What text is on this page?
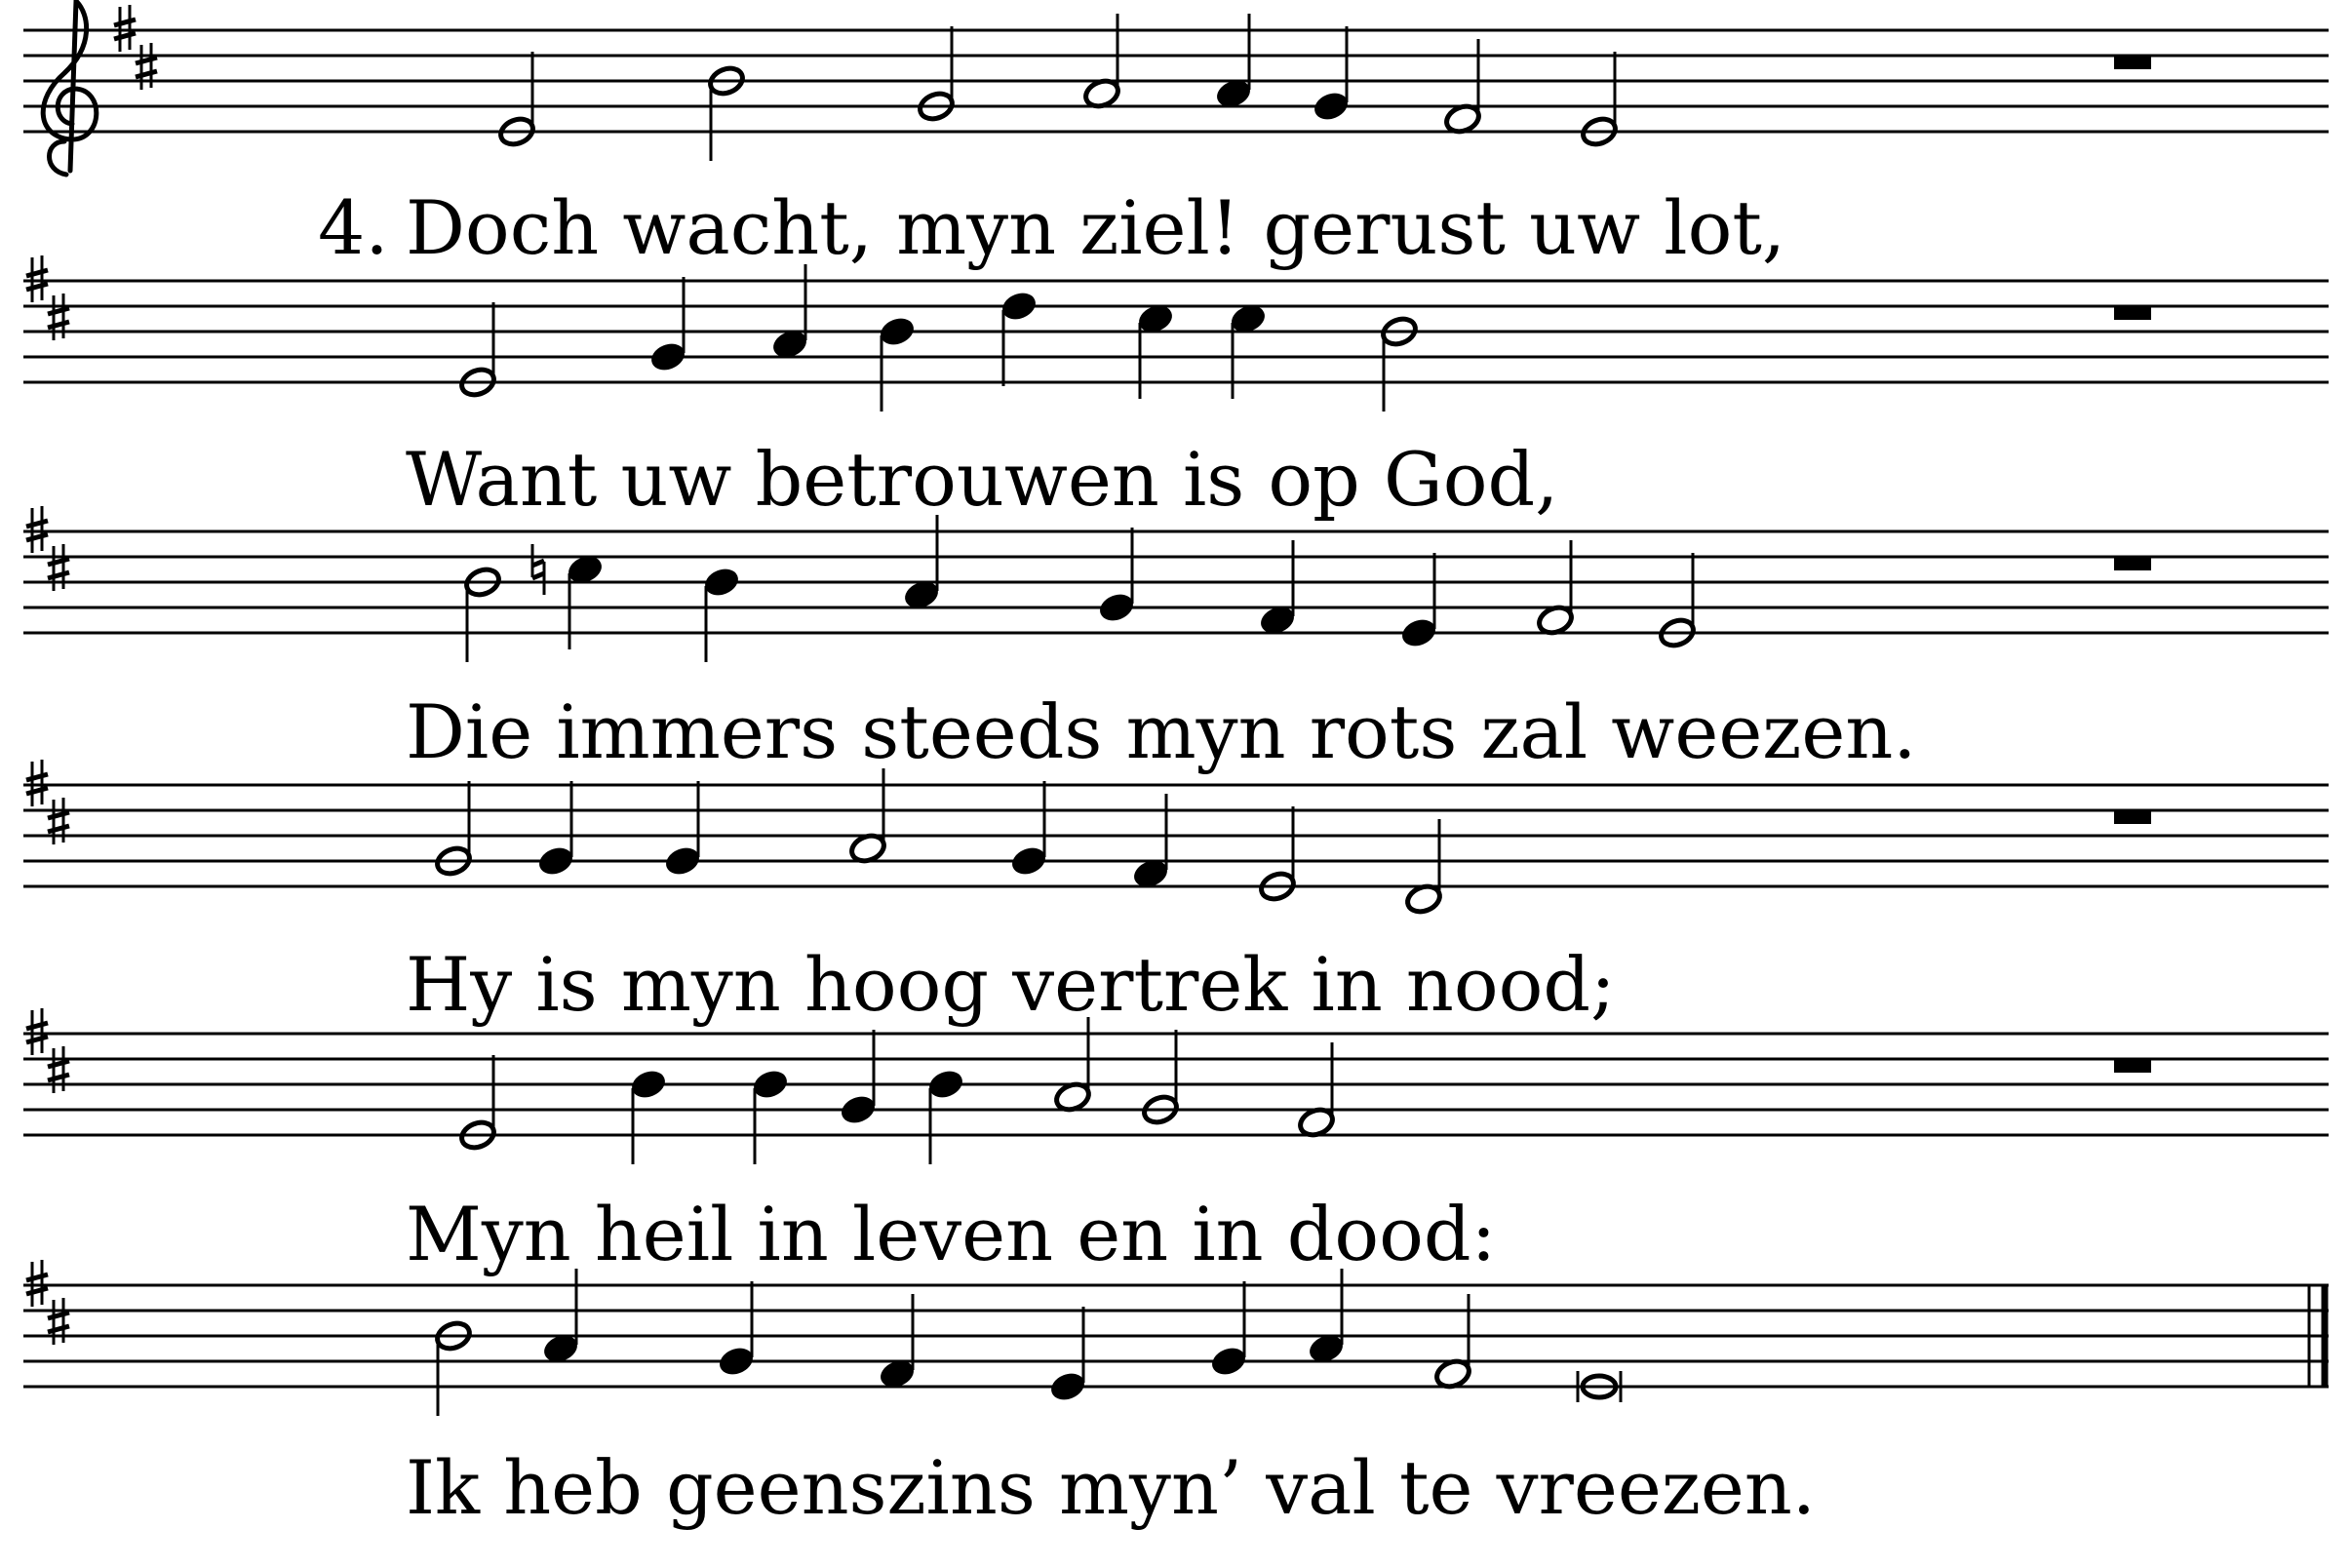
4. Doch wacht, myn ziel! gerust uw lot,
Want uw betrouwen is op God,
Die immers steeds myn rots zal weezen.
Hy is myn hoog vertrek in nood;
Myn heil in leven en in dood:
Ik heb geenszins myn’ val te vreezen.
